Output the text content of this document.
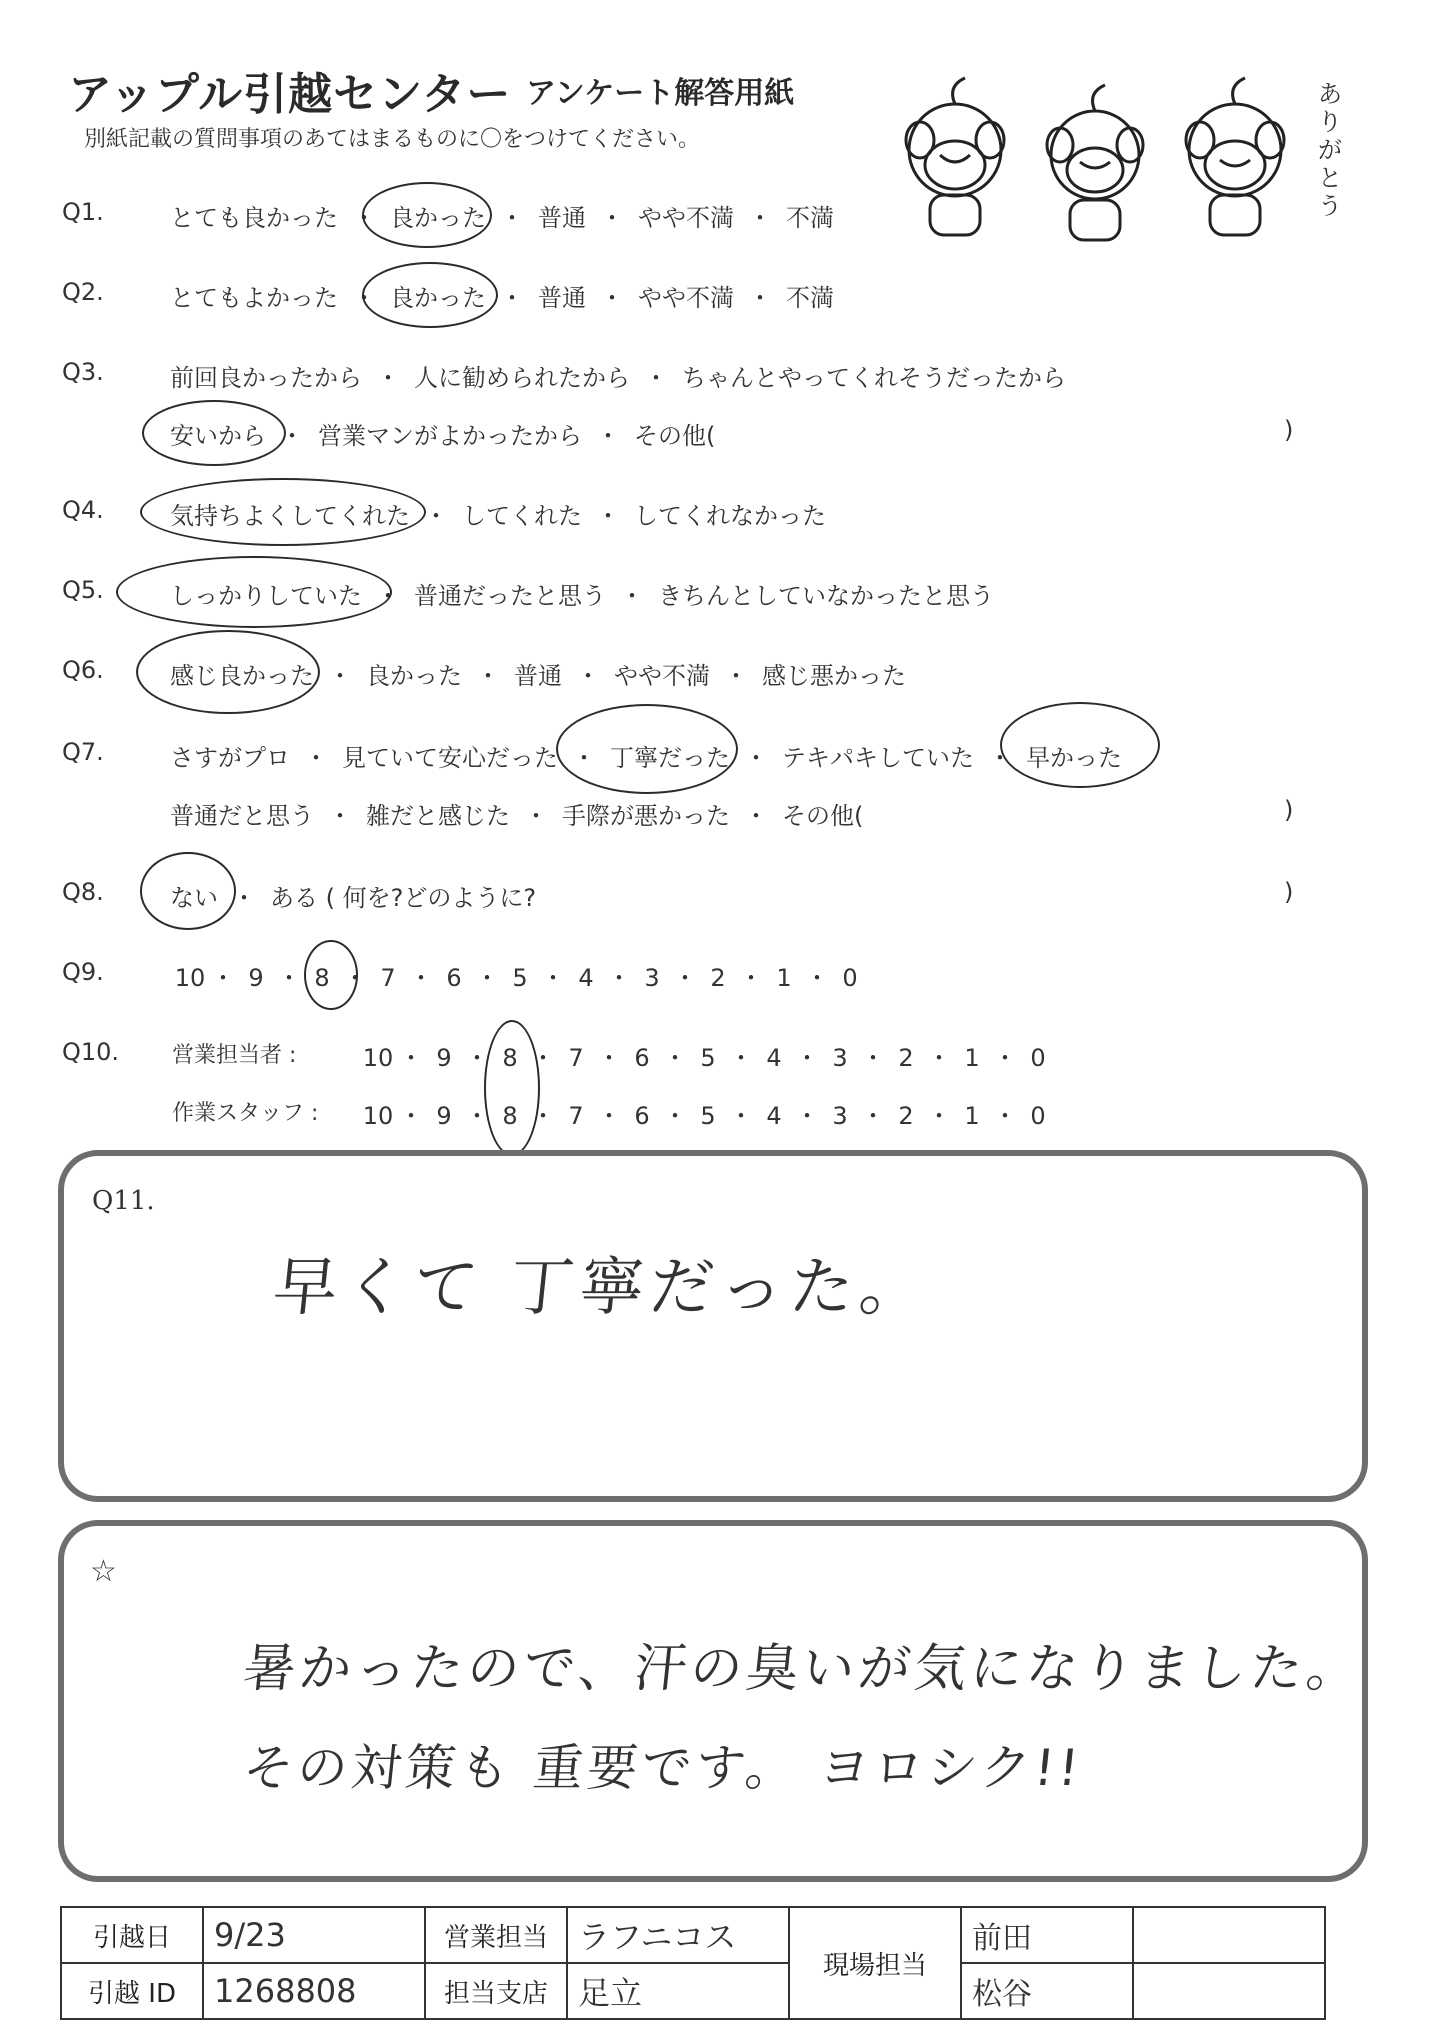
アップル引越センター アンケート解答用紙
別紙記載の質問事項のあてはまるものに〇をつけてください。
ありがとう
Q1.	とても良かった ・ 良かった ・ 普通 ・ やや不満 ・ 不満
Q2.	とてもよかった ・ 良かった ・ 普通 ・ やや不満 ・ 不満
Q3.	前回良かったから ・ 人に勧められたから ・ ちゃんとやってくれそうだったから
安いから ・ 営業マンがよかったから ・ その他(	)
Q4.	気持ちよくしてくれた ・ してくれた ・ してくれなかった
Q5.	しっかりしていた ・ 普通だったと思う ・ きちんとしていなかったと思う
Q6.	感じ良かった ・ 良かった ・ 普通 ・ やや不満 ・ 感じ悪かった
Q7.	さすがプロ ・ 見ていて安心だった ・ 丁寧だった ・ テキパキしていた ・ 早かった
普通だと思う ・ 雑だと感じた ・ 手際が悪かった ・ その他(	)
Q8.	ない ・ ある ( 何を?どのように?	)
Q9.	10 ・ 9 ・ 8 ・ 7 ・ 6 ・ 5 ・ 4 ・ 3 ・ 2 ・ 1 ・ 0
Q10. 営業担当者 :	10 ・ 9 ・ 8 ・ 7 ・ 6 ・ 5 ・ 4 ・ 3 ・ 2 ・ 1 ・ 0
作業スタッフ : 10 ・ 9 ・ 8 ・ 7 ・ 6 ・ 5 ・ 4 ・ 3 ・ 2 ・ 1 ・ 0
Q11.
早くて 丁寧だった。
☆
暑かったので、汗の臭いが気になりました。
その対策も 重要です。 ヨロシク!!
引越日	9/23	営業担当	ラフニコス	現場担当	前田	
引越 ID	1268808	担当支店	足立		松谷	
